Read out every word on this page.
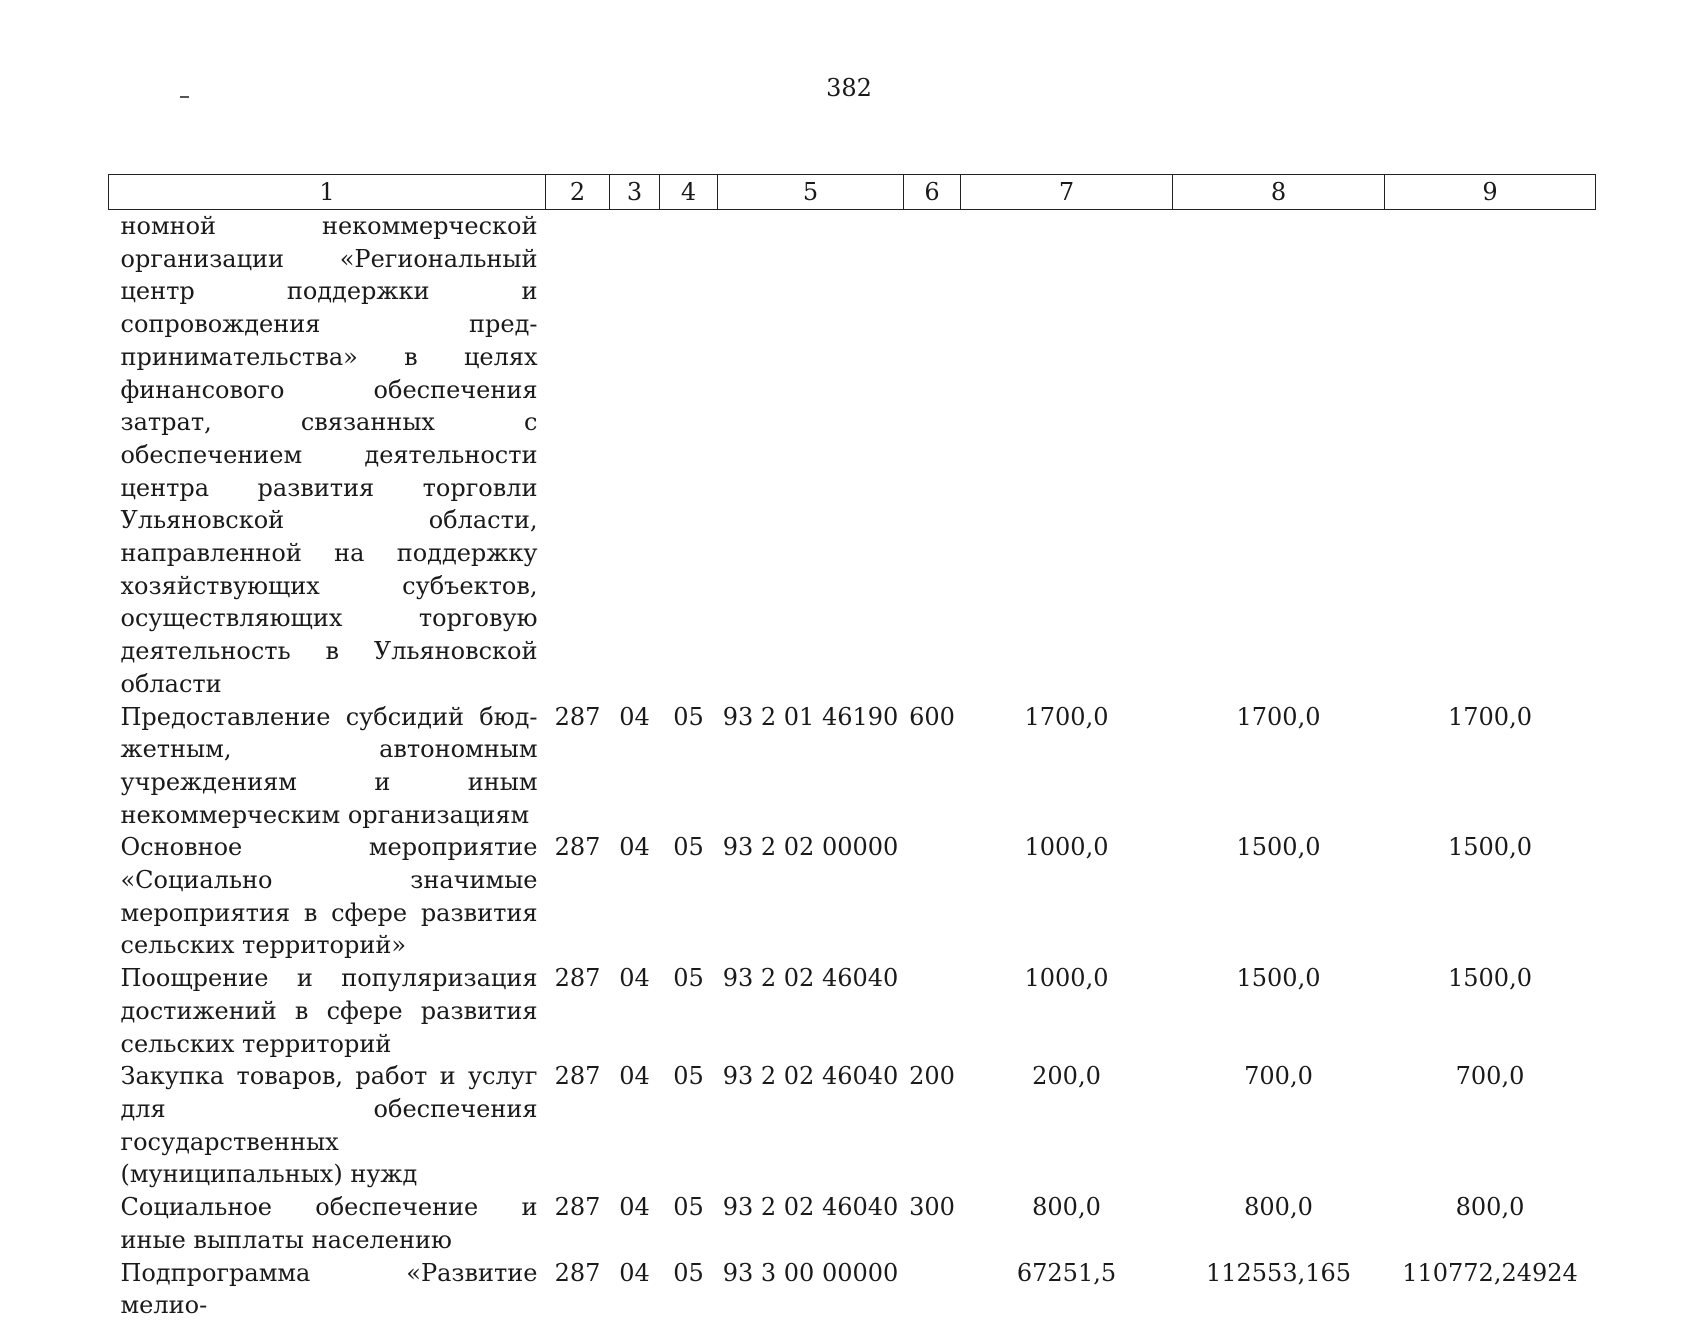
382
1	2	3	4	5	6	7	8	9
номной некоммерческой организации «Региональный центр поддержки и сопровождения предпринимательства» в целях финансового обеспечения затрат, связанных с обеспечением деятельности центра развития торговли Ульяновской области, направленной на поддержку хозяйствующих субъектов, осуществляющих торговую деятельность в Ульяновской области								
Предоставление субсидий бюджетным, автономным учреждениям и иным некоммерческим организациям	287	04	05	93 2 01 46190	600	1700,0	1700,0	1700,0
Основное мероприятие «Социально значимые мероприятия в сфере развития сельских территорий»	287	04	05	93 2 02 00000		1000,0	1500,0	1500,0
Поощрение и популяризация достижений в сфере развития сельских территорий	287	04	05	93 2 02 46040		1000,0	1500,0	1500,0
Закупка товаров, работ и услуг для обеспечения государственных (муниципальных) нужд	287	04	05	93 2 02 46040	200	200,0	700,0	700,0
Социальное обеспечение и иные выплаты населению	287	04	05	93 2 02 46040	300	800,0	800,0	800,0
Подпрограмма «Развитие мелио-	287	04	05	93 3 00 00000		67251,5	112553,165	110772,24924
